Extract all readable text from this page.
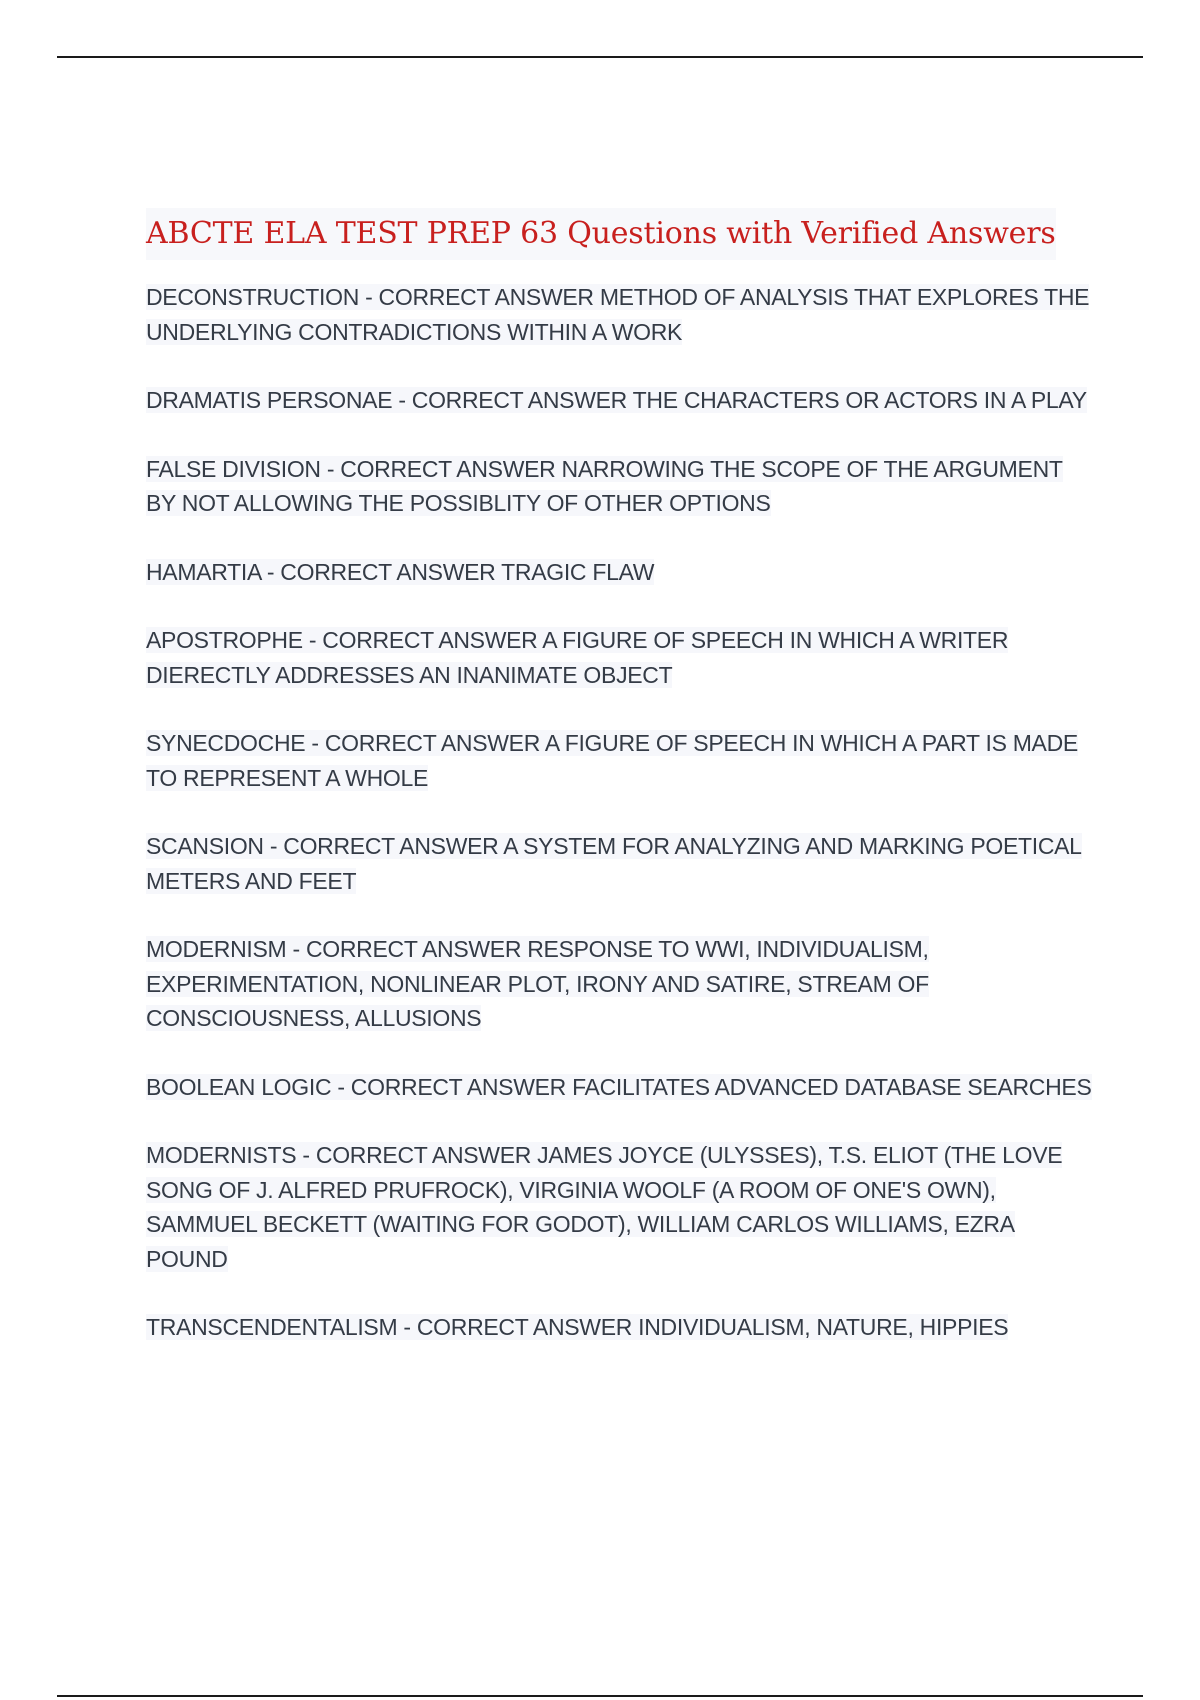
ABCTE ELA TEST PREP 63 Questions with Verified Answers
DECONSTRUCTION - CORRECT ANSWER METHOD OF ANALYSIS THAT EXPLORES THE UNDERLYING CONTRADICTIONS WITHIN A WORK
DRAMATIS PERSONAE - CORRECT ANSWER THE CHARACTERS OR ACTORS IN A PLAY
FALSE DIVISION - CORRECT ANSWER NARROWING THE SCOPE OF THE ARGUMENT BY NOT ALLOWING THE POSSIBLITY OF OTHER OPTIONS
HAMARTIA - CORRECT ANSWER TRAGIC FLAW
APOSTROPHE - CORRECT ANSWER A FIGURE OF SPEECH IN WHICH A WRITER DIERECTLY ADDRESSES AN INANIMATE OBJECT
SYNECDOCHE - CORRECT ANSWER A FIGURE OF SPEECH IN WHICH A PART IS MADE TO REPRESENT A WHOLE
SCANSION - CORRECT ANSWER A SYSTEM FOR ANALYZING AND MARKING POETICAL METERS AND FEET
MODERNISM - CORRECT ANSWER RESPONSE TO WWI, INDIVIDUALISM, EXPERIMENTATION, NONLINEAR PLOT, IRONY AND SATIRE, STREAM OF CONSCIOUSNESS, ALLUSIONS
BOOLEAN LOGIC - CORRECT ANSWER FACILITATES ADVANCED DATABASE SEARCHES
MODERNISTS - CORRECT ANSWER JAMES JOYCE (ULYSSES), T.S. ELIOT (THE LOVE SONG OF J. ALFRED PRUFROCK), VIRGINIA WOOLF (A ROOM OF ONE'S OWN), SAMMUEL BECKETT (WAITING FOR GODOT), WILLIAM CARLOS WILLIAMS, EZRA POUND
TRANSCENDENTALISM - CORRECT ANSWER INDIVIDUALISM, NATURE, HIPPIES
